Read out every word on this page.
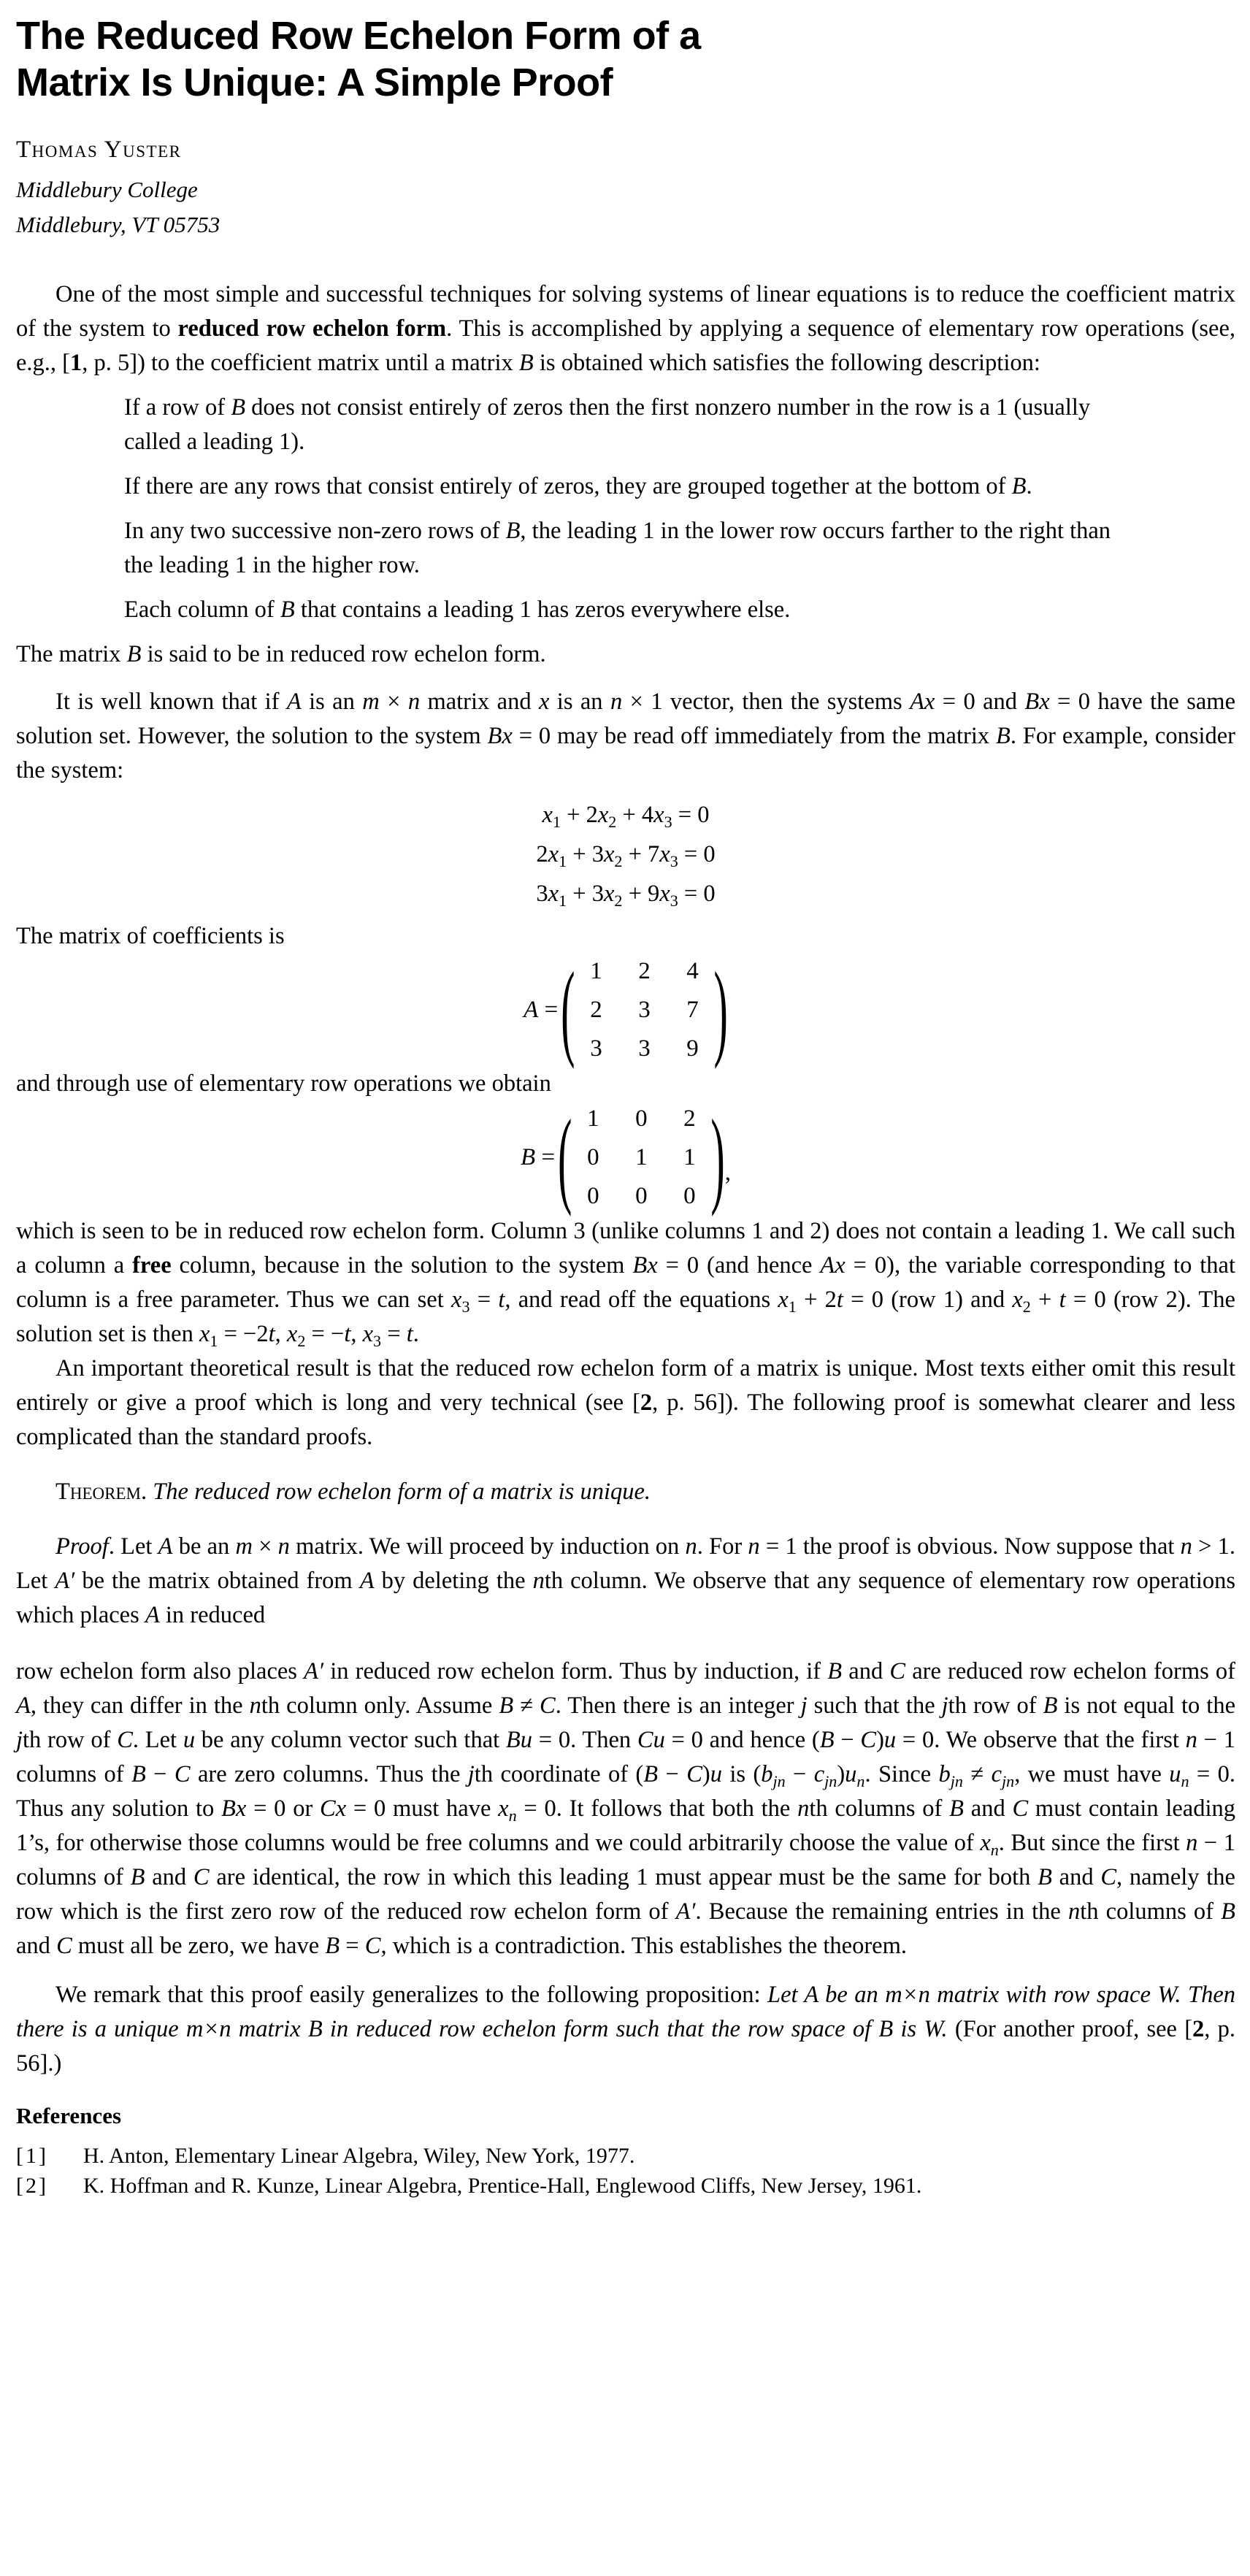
The Reduced Row Echelon Form of a
Matrix Is Unique: A Simple Proof
Thomas Yuster
Middlebury College
Middlebury, VT 05753

One of the most simple and successful techniques for solving systems of linear equations is to reduce the coefficient matrix of the system to reduced row echelon form. This is accomplished by applying a sequence of elementary row operations (see, e.g., [1, p. 5]) to the coefficient matrix until a matrix B is obtained which satisfies the following description:

If a row of B does not consist entirely of zeros then the first nonzero number in the row is a 1 (usually called a leading 1).

If there are any rows that consist entirely of zeros, they are grouped together at the bottom of B.

In any two successive non-zero rows of B, the leading 1 in the lower row occurs farther to the right than the leading 1 in the higher row.

Each column of B that contains a leading 1 has zeros everywhere else.

The matrix B is said to be in reduced row echelon form.

It is well known that if A is an m × n matrix and x is an n × 1 vector, then the systems Ax = 0 and Bx = 0 have the same solution set. However, the solution to the system Bx = 0 may be read off immediately from the matrix B. For example, consider the system:

$x_1 + 2x_2 + 4x_3 = 0$
$2x_1 + 3x_2 + 7x_3 = 0$
$3x_1 + 3x_2 + 9x_3 = 0$

The matrix of coefficients is

A = ( 1	2	4
2	3	7
3	3	9 )

and through use of elementary row operations we obtain

B = ( 1	0	2
0	1	1
0	0	0 ) ,

which is seen to be in reduced row echelon form. Column 3 (unlike columns 1 and 2) does not contain a leading 1. We call such a column a free column, because in the solution to the system Bx = 0 (and hence Ax = 0), the variable corresponding to that column is a free parameter. Thus we can set $x_3 = t$, and read off the equations $x_1 + 2t = 0$ (row 1) and $x_2 + t = 0$ (row 2). The solution set is then $x_1 = -2t$, $x_2 = -t$, $x_3 = t$.

An important theoretical result is that the reduced row echelon form of a matrix is unique. Most texts either omit this result entirely or give a proof which is long and very technical (see [2, p. 56]). The following proof is somewhat clearer and less complicated than the standard proofs.

Theorem. The reduced row echelon form of a matrix is unique.

Proof. Let A be an m × n matrix. We will proceed by induction on n. For n = 1 the proof is obvious. Now suppose that n > 1. Let A′ be the matrix obtained from A by deleting the nth column. We observe that any sequence of elementary row operations which places A in reduced

row echelon form also places A′ in reduced row echelon form. Thus by induction, if B and C are reduced row echelon forms of A, they can differ in the nth column only. Assume B ≠ C. Then there is an integer j such that the jth row of B is not equal to the jth row of C. Let u be any column vector such that Bu = 0. Then Cu = 0 and hence (B − C)u = 0. We observe that the first n − 1 columns of B − C are zero columns. Thus the jth coordinate of (B − C)u is $(b_{jn} - c_{jn})u_n$. Since $b_{jn} \ne c_{jn}$, we must have $u_n = 0$. Thus any solution to Bx = 0 or Cx = 0 must have $x_n = 0$. It follows that both the nth columns of B and C must contain leading 1’s, for otherwise those columns would be free columns and we could arbitrarily choose the value of $x_n$. But since the first n − 1 columns of B and C are identical, the row in which this leading 1 must appear must be the same for both B and C, namely the row which is the first zero row of the reduced row echelon form of A′. Because the remaining entries in the nth columns of B and C must all be zero, we have B = C, which is a contradiction. This establishes the theorem.

We remark that this proof easily generalizes to the following proposition: Let A be an m×n matrix with row space W. Then there is a unique m×n matrix B in reduced row echelon form such that the row space of B is W. (For another proof, see [2, p. 56].)

References
[1]	H. Anton, Elementary Linear Algebra, Wiley, New York, 1977.
[2]	K. Hoffman and R. Kunze, Linear Algebra, Prentice-Hall, Englewood Cliffs, New Jersey, 1961.
